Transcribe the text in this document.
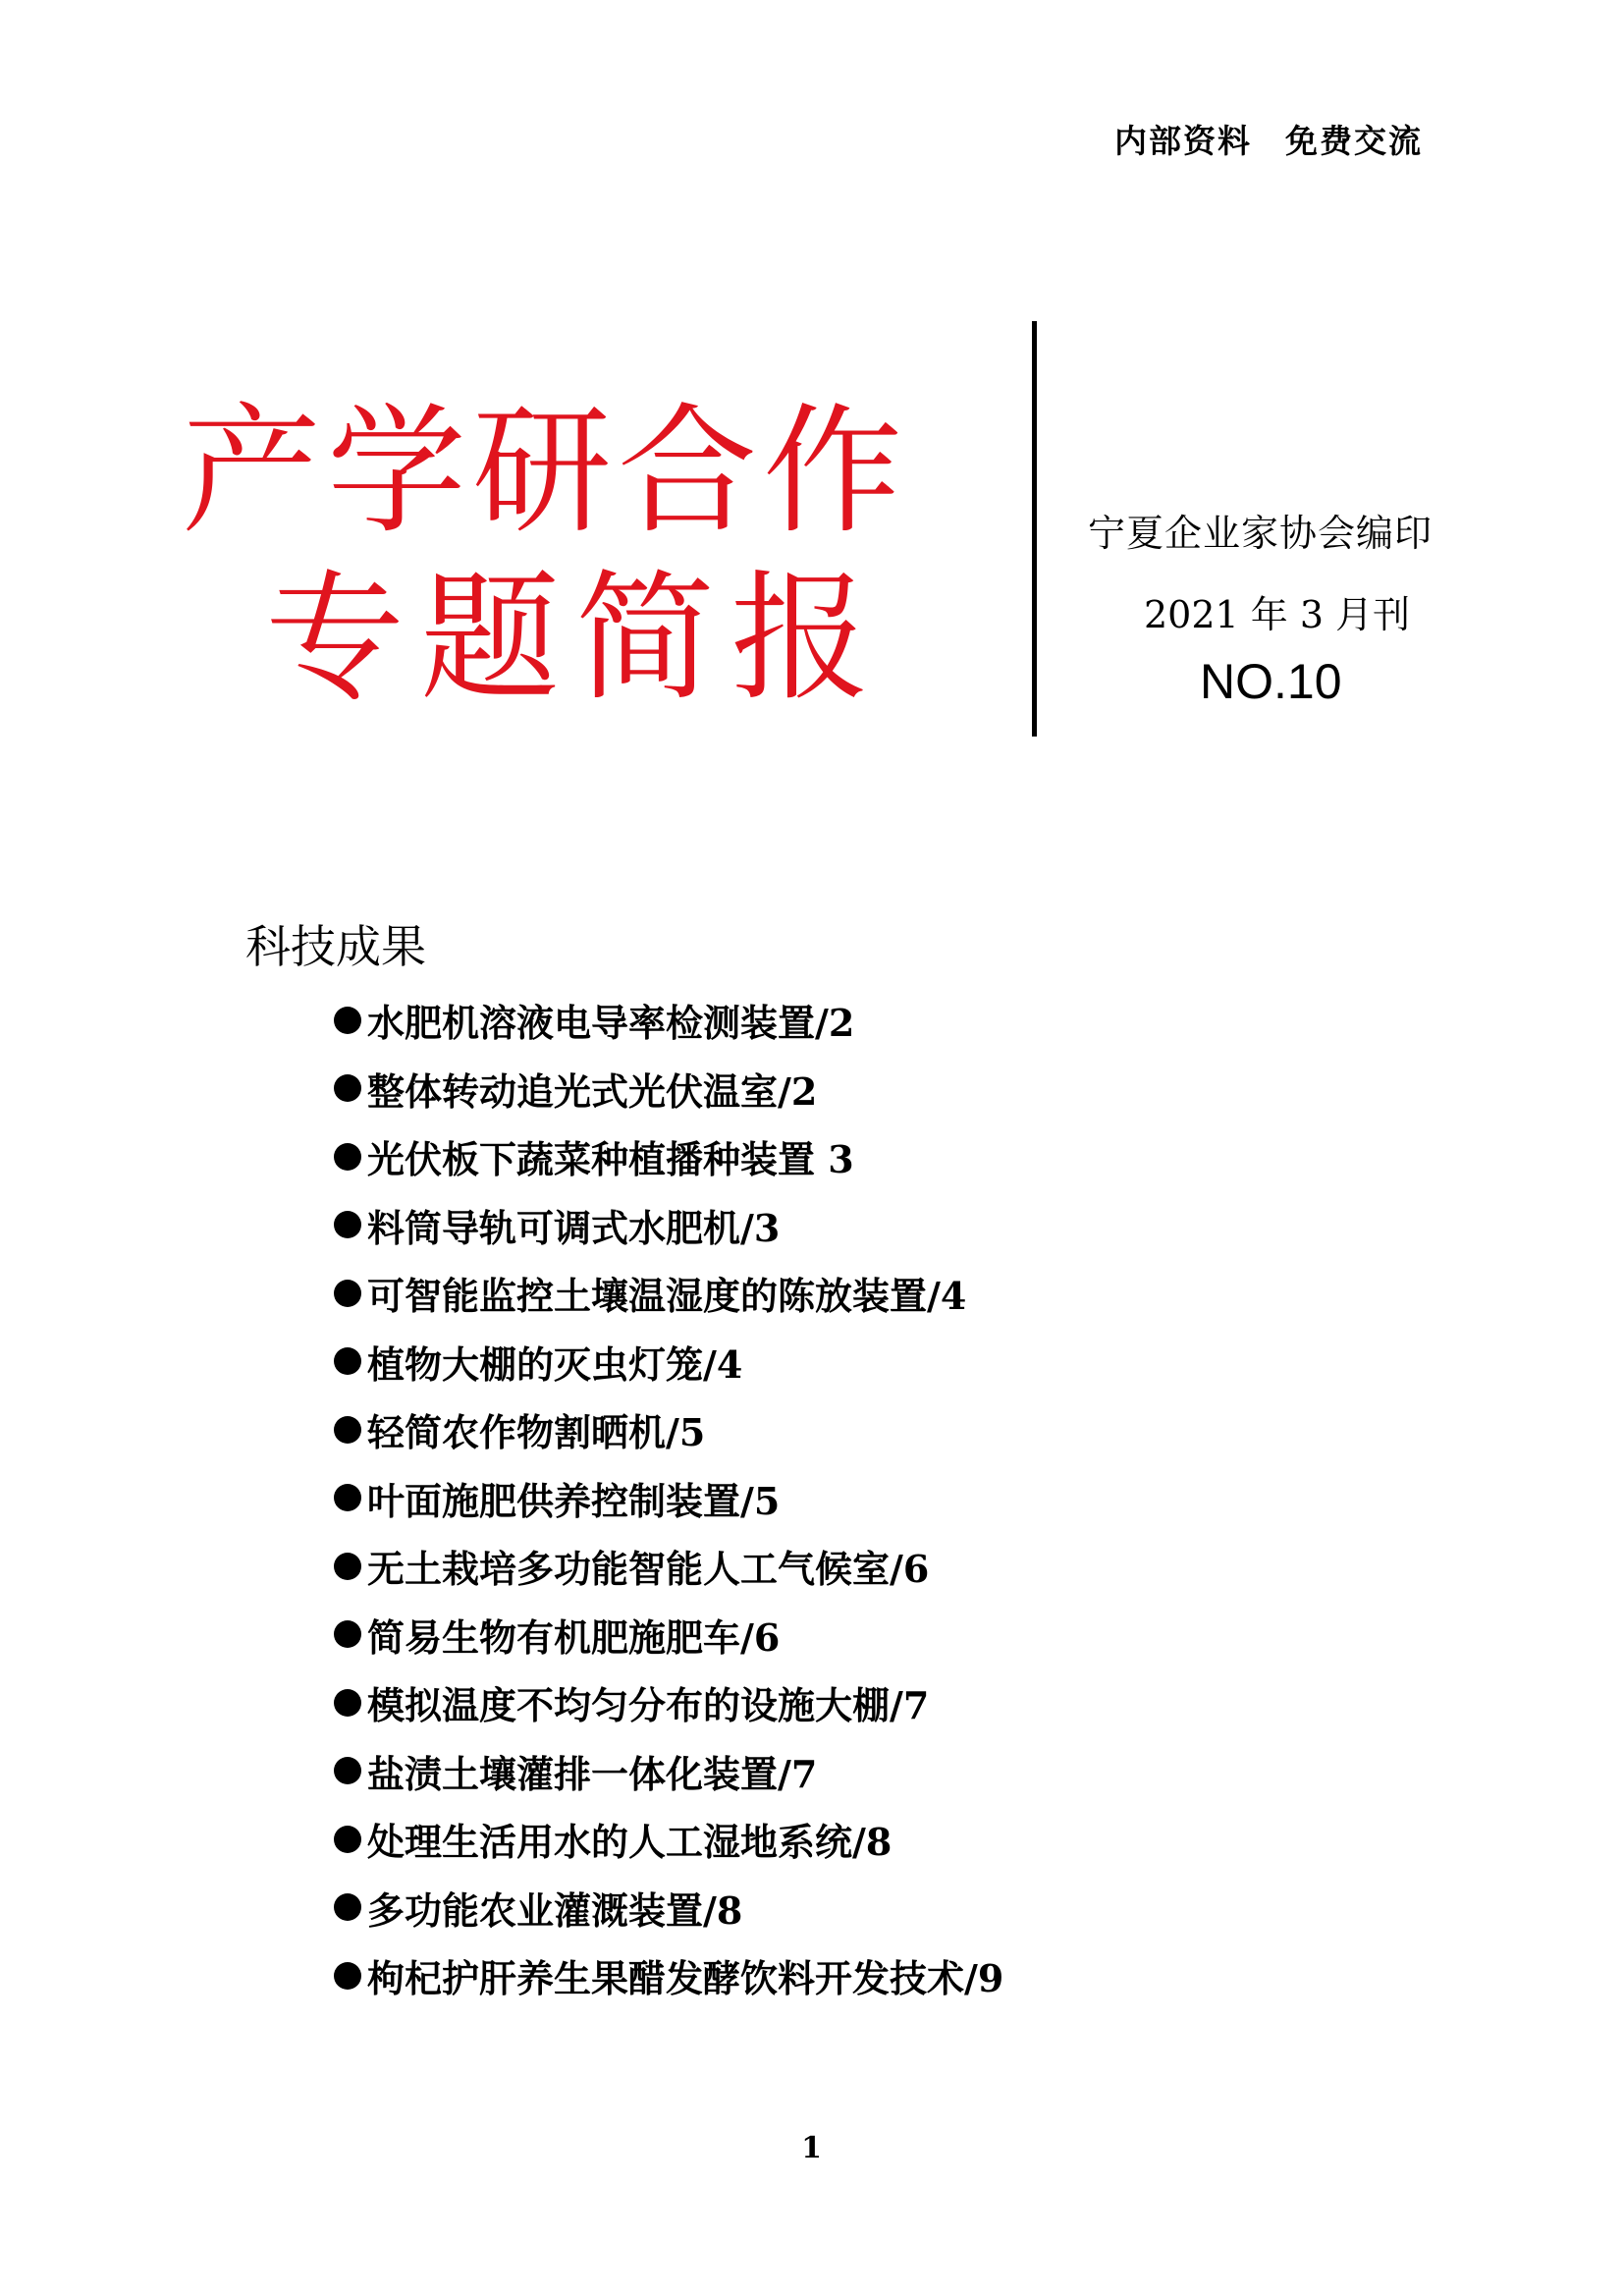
内部资料 免费交流
产学研合作
专题简报
宁夏企业家协会编印
2021 年 3 月刊
NO.10
科技成果
水肥机溶液电导率检测装置/2
整体转动追光式光伏温室/2
光伏板下蔬菜种植播种装置 3
料筒导轨可调式水肥机/3
可智能监控土壤温湿度的陈放装置/4
植物大棚的灭虫灯笼/4
轻简农作物割晒机/5
叶面施肥供养控制装置/5
无土栽培多功能智能人工气候室/6
简易生物有机肥施肥车/6
模拟温度不均匀分布的设施大棚/7
盐渍土壤灌排一体化装置/7
处理生活用水的人工湿地系统/8
多功能农业灌溉装置/8
枸杞护肝养生果醋发酵饮料开发技术/9
1
